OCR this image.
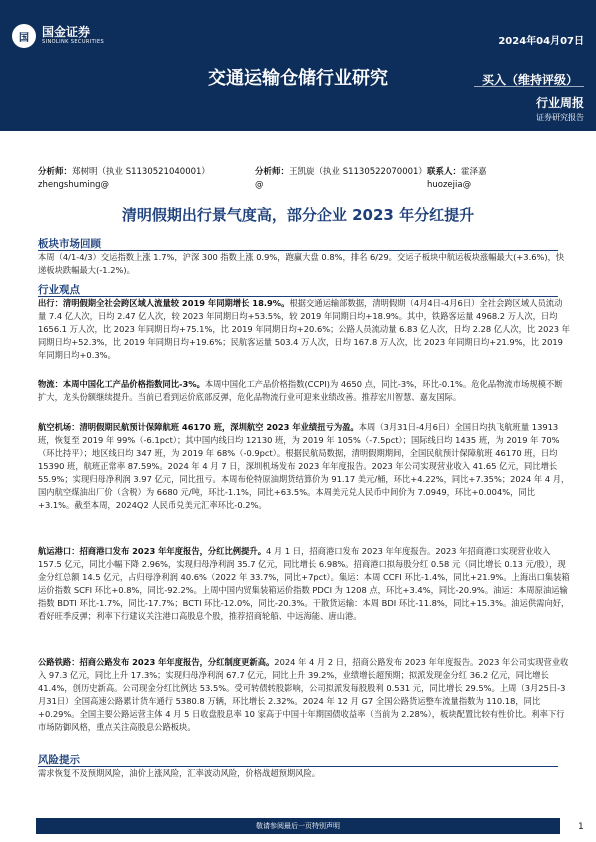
国	国金证券
SINOLINK SECURITIES	2024年04月07日
交通运输仓储行业研究	买入（维持评级）
行业周报
证券研究报告
分析师：郑树明（执业 S1130521040001）
zhengshuming@
分析师：王凯旋（执业 S1130522070001）
@
联系人：霍泽嘉
huozejia@
清明假期出行景气度高，部分企业 2023 年分红提升
板块市场回顾
本周（4/1-4/3）交运指数上涨 1.7%，沪深 300 指数上涨 0.9%，跑赢大盘 0.8%，排名 6/29。交运子板块中航运板块涨幅最大(+3.6%)，快递板块跌幅最大(-1.2%)。
行业观点
出行：清明假期全社会跨区域人流量较 2019 年同期增长 18.9%。根据交通运输部数据，清明假期（4月4日-4月6日）全社会跨区域人员流动量 7.4 亿人次，日均 2.47 亿人次，较 2023 年同期日均+53.5%，较 2019 年同期日均+18.9%。其中，铁路客运量 4968.2 万人次，日均 1656.1 万人次，比 2023 年同期日均+75.1%，比 2019 年同期日均+20.6%；公路人员流动量 6.83 亿人次，日均 2.28 亿人次，比 2023 年同期日均+52.3%，比 2019 年同期日均+19.6%；民航客运量 503.4 万人次，日均 167.8 万人次，比 2023 年同期日均+21.9%，比 2019 年同期日均+0.3%。
物流：本周中国化工产品价格指数同比-3%。本周中国化工产品价格指数(CCPI)为 4650 点，同比-3%，环比-0.1%。危化品物流市场规模不断扩大，龙头份额继续提升。当前已看到运价底部反弹，危化品物流行业可迎来业绩改善。推荐宏川智慧、嘉友国际。
航空机场：清明假期民航预计保障航班 46170 班，深圳航空 2023 年业绩扭亏为盈。本周（3月31日-4月6日）全国日均执飞航班量 13913 班，恢复至 2019 年 99%（-6.1pct）；其中国内线日均 12130 班，为 2019 年 105%（-7.5pct）；国际线日均 1435 班，为 2019 年 70%（环比持平）；地区线日均 347 班，为 2019 年 68%（-0.9pct）。根据民航局数据，清明假期期间，全国民航预计保障航班 46170 班，日均 15390 班，航班正常率 87.59%。2024 年 4 月 7 日，深圳机场发布 2023 年年度报告。2023 年公司实现营业收入 41.65 亿元，同比增长 55.9%；实现归母净利润 3.97 亿元，同比扭亏。本周布伦特原油期货结算价为 91.17 美元/桶，环比+4.22%，同比+7.35%；2024 年 4 月，国内航空煤油出厂价（含税）为 6680 元/吨，环比-1.1%，同比+63.5%。本周美元兑人民币中间价为 7.0949，环比+0.004%，同比+3.1%。截至本周，2024Q2 人民币兑美元汇率环比-0.2%。
航运港口：招商港口发布 2023 年年度报告，分红比例提升。4 月 1 日，招商港口发布 2023 年年度报告。2023 年招商港口实现营业收入 157.5 亿元，同比小幅下降 2.96%，实现归母净利润 35.7 亿元，同比增长 6.98%。招商港口拟每股分红 0.58 元（同比增长 0.13 元/股），现金分红总额 14.5 亿元，占归母净利润 40.6%（2022 年 33.7%，同比+7pct）。集运：本周 CCFI 环比-1.4%，同比+21.9%。上海出口集装箱运价指数 SCFI 环比+0.8%，同比-92.2%。上周中国内贸集装箱运价指数 PDCI 为 1208 点，环比+3.4%，同比-20.9%。油运：本周原油运输指数 BDTI 环比-1.7%，同比-17.7%；BCTI 环比-12.0%，同比-20.3%。干散货运输：本周 BDI 环比-11.8%，同比+15.3%。油运供需向好，看好旺季反弹；利率下行建议关注港口高股息个股，推荐招商轮船、中远海能、唐山港。
公路铁路：招商公路发布 2023 年年度报告，分红制度更新高。2024 年 4 月 2 日，招商公路发布 2023 年年度报告。2023 年公司实现营业收入 97.3 亿元，同比上升 17.3%；实现归母净利润 67.7 亿元，同比上升 39.2%，业绩增长超预期；拟派发现金分红 36.2 亿元，同比增长 41.4%，创历史新高。公司现金分红比例达 53.5%。受可转债转股影响，公司拟派发每股股利 0.531 元，同比增长 29.5%。上周（3月25日-3月31日）全国高速公路累计货车通行 5380.8 万辆，环比增长 2.32%。2024 年 12 月 G7 全国公路货运整车流量指数为 110.18，同比+0.29%。全国主要公路运营主体 4 月 5 日收盘股息率 10 家高于中国十年期国债收益率（当前为 2.28%），板块配置比较有性价比。利率下行市场防御风格，重点关注高股息公路板块。
风险提示
需求恢复不及预期风险，油价上涨风险，汇率波动风险，价格战超预期风险。
敬请参阅最后一页特别声明	1
